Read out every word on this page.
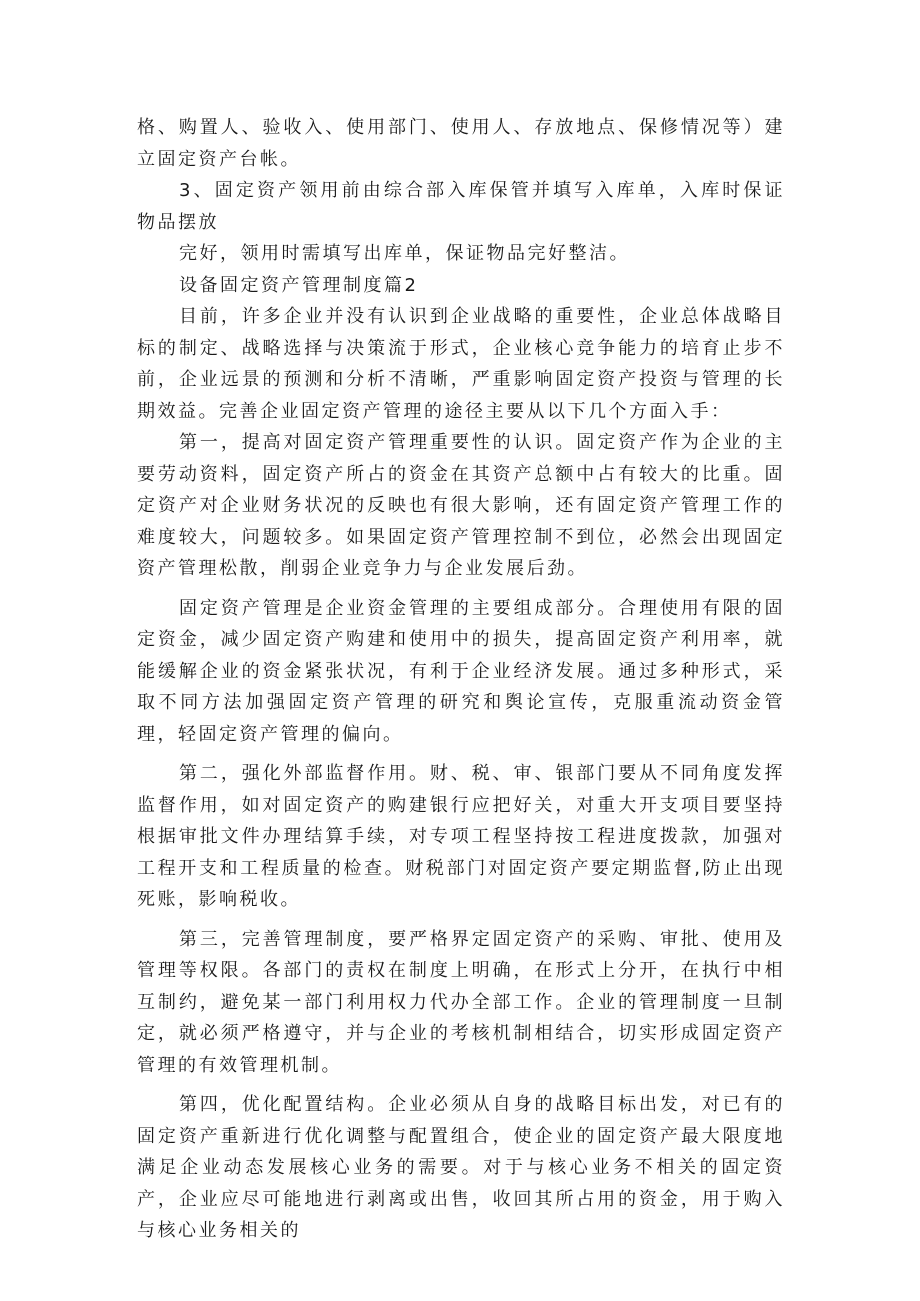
格、购置人、验收入、使用部门、使用人、存放地点、保修情况等）建立固定资产台帐。

3、固定资产领用前由综合部入库保管并填写入库单，入库时保证物品摆放

完好，领用时需填写出库单，保证物品完好整洁。

设备固定资产管理制度篇2

目前，许多企业并没有认识到企业战略的重要性，企业总体战略目标的制定、战略选择与决策流于形式，企业核心竞争能力的培育止步不前，企业远景的预测和分析不清晰，严重影响固定资产投资与管理的长期效益。完善企业固定资产管理的途径主要从以下几个方面入手：

第一，提高对固定资产管理重要性的认识。固定资产作为企业的主要劳动资料，固定资产所占的资金在其资产总额中占有较大的比重。固定资产对企业财务状况的反映也有很大影响，还有固定资产管理工作的难度较大，问题较多。如果固定资产管理控制不到位，必然会出现固定资产管理松散，削弱企业竞争力与企业发展后劲。

固定资产管理是企业资金管理的主要组成部分。合理使用有限的固定资金，减少固定资产购建和使用中的损失，提高固定资产利用率，就能缓解企业的资金紧张状况，有利于企业经济发展。通过多种形式，采取不同方法加强固定资产管理的研究和舆论宣传，克服重流动资金管理，轻固定资产管理的偏向。

第二，强化外部监督作用。财、税、审、银部门要从不同角度发挥监督作用，如对固定资产的购建银行应把好关，对重大开支项目要坚持根据审批文件办理结算手续，对专项工程坚持按工程进度拨款，加强对工程开支和工程质量的检查。财税部门对固定资产要定期监督,防止出现死账，影响税收。

第三，完善管理制度，要严格界定固定资产的采购、审批、使用及管理等权限。各部门的责权在制度上明确，在形式上分开，在执行中相互制约，避免某一部门利用权力代办全部工作。企业的管理制度一旦制定，就必须严格遵守，并与企业的考核机制相结合，切实形成固定资产管理的有效管理机制。

第四，优化配置结构。企业必须从自身的战略目标出发，对已有的固定资产重新进行优化调整与配置组合，使企业的固定资产最大限度地满足企业动态发展核心业务的需要。对于与核心业务不相关的固定资产，企业应尽可能地进行剥离或出售，收回其所占用的资金，用于购入与核心业务相关的
